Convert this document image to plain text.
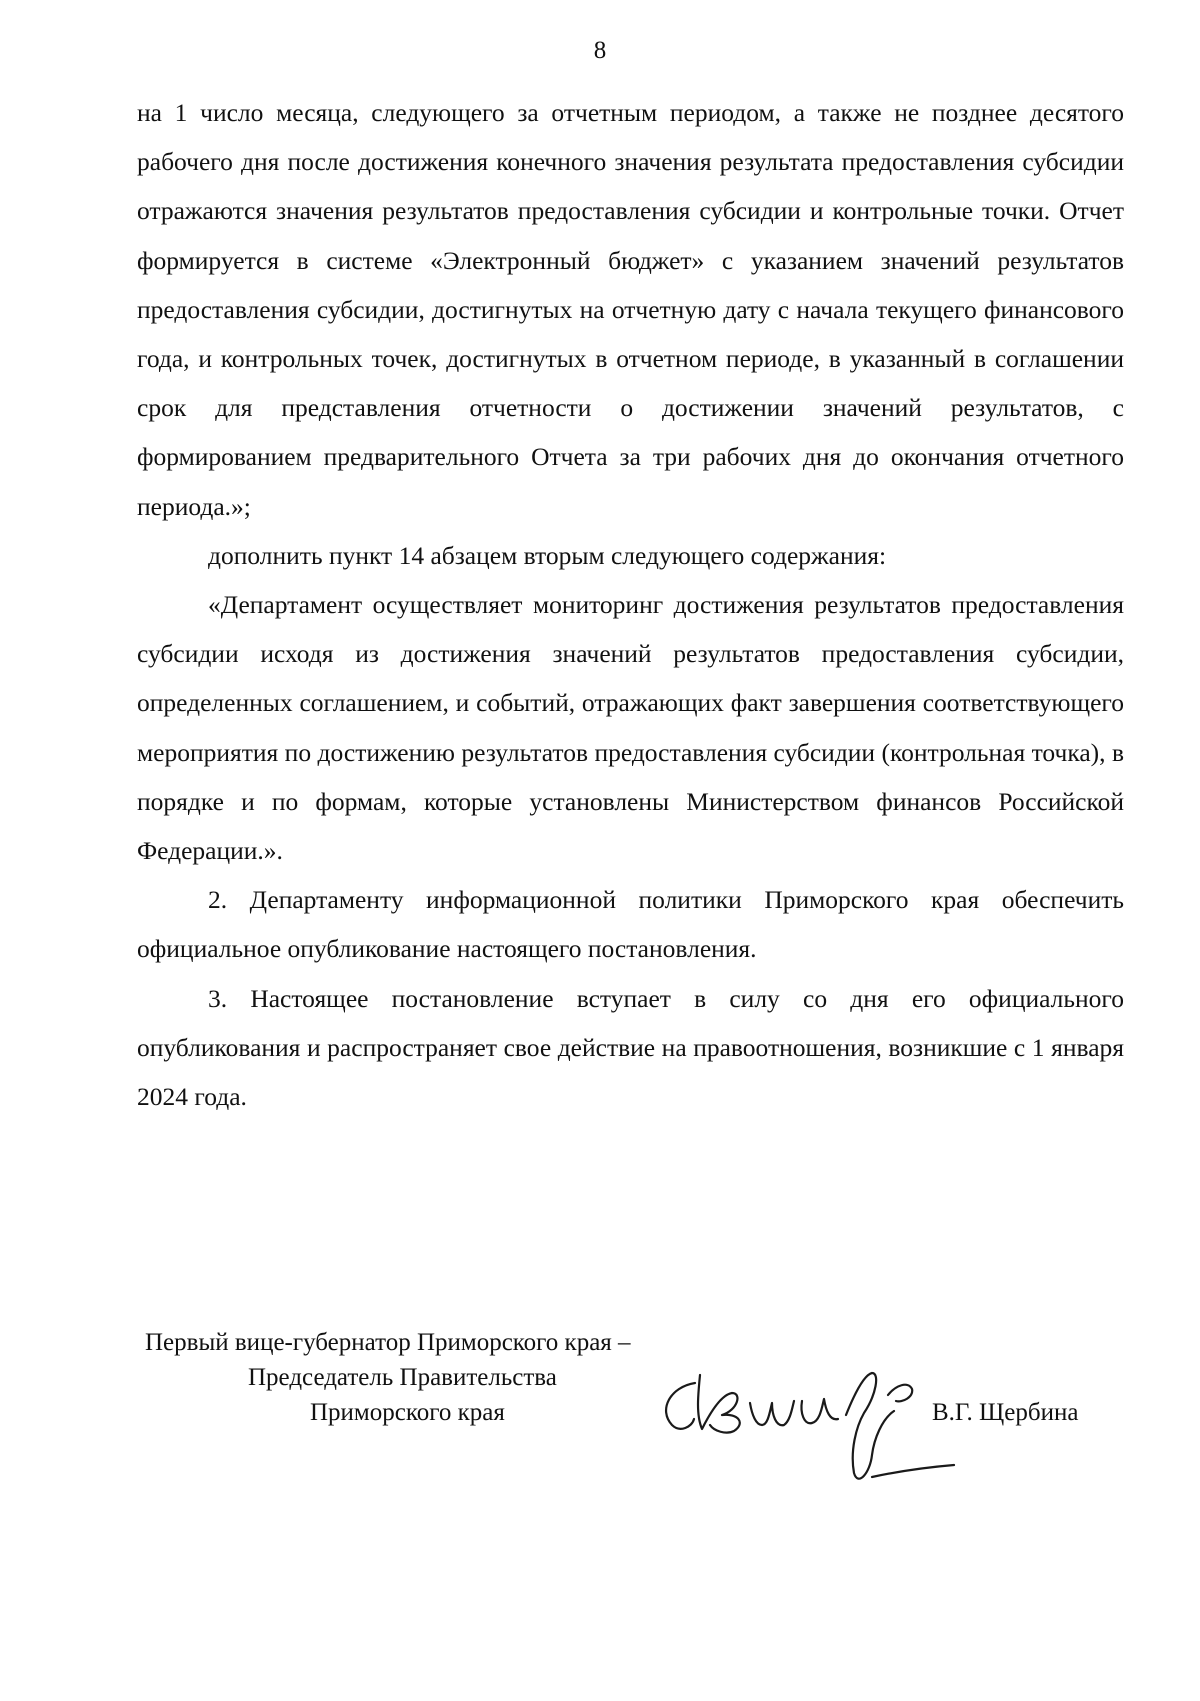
8

на 1 число месяца, следующего за отчетным периодом, а также не позднее десятого рабочего дня после достижения конечного значения результата предоставления субсидии отражаются значения результатов предоставления субсидии и контрольные точки. Отчет формируется в системе «Электронный бюджет» с указанием значений результатов предоставления субсидии, достигнутых на отчетную дату с начала текущего финансового года, и контрольных точек, достигнутых в отчетном периоде, в указанный в соглашении срок для представления отчетности о достижении значений результатов, с формированием предварительного Отчета за три рабочих дня до окончания отчетного периода.»;

дополнить пункт 14 абзацем вторым следующего содержания:

«Департамент осуществляет мониторинг достижения результатов предоставления субсидии исходя из достижения значений результатов предоставления субсидии, определенных соглашением, и событий, отражающих факт завершения соответствующего мероприятия по достижению результатов предоставления субсидии (контрольная точка), в порядке и по формам, которые установлены Министерством финансов Российской Федерации.».

2. Департаменту информационной политики Приморского края обеспечить официальное опубликование настоящего постановления.

3. Настоящее постановление вступает в силу со дня его официального опубликования и распространяет свое действие на правоотношения, возникшие с 1 января 2024 года.

Первый вице-губернатор Приморского края –
Председатель Правительства
Приморского края	В.Г. Щербина
